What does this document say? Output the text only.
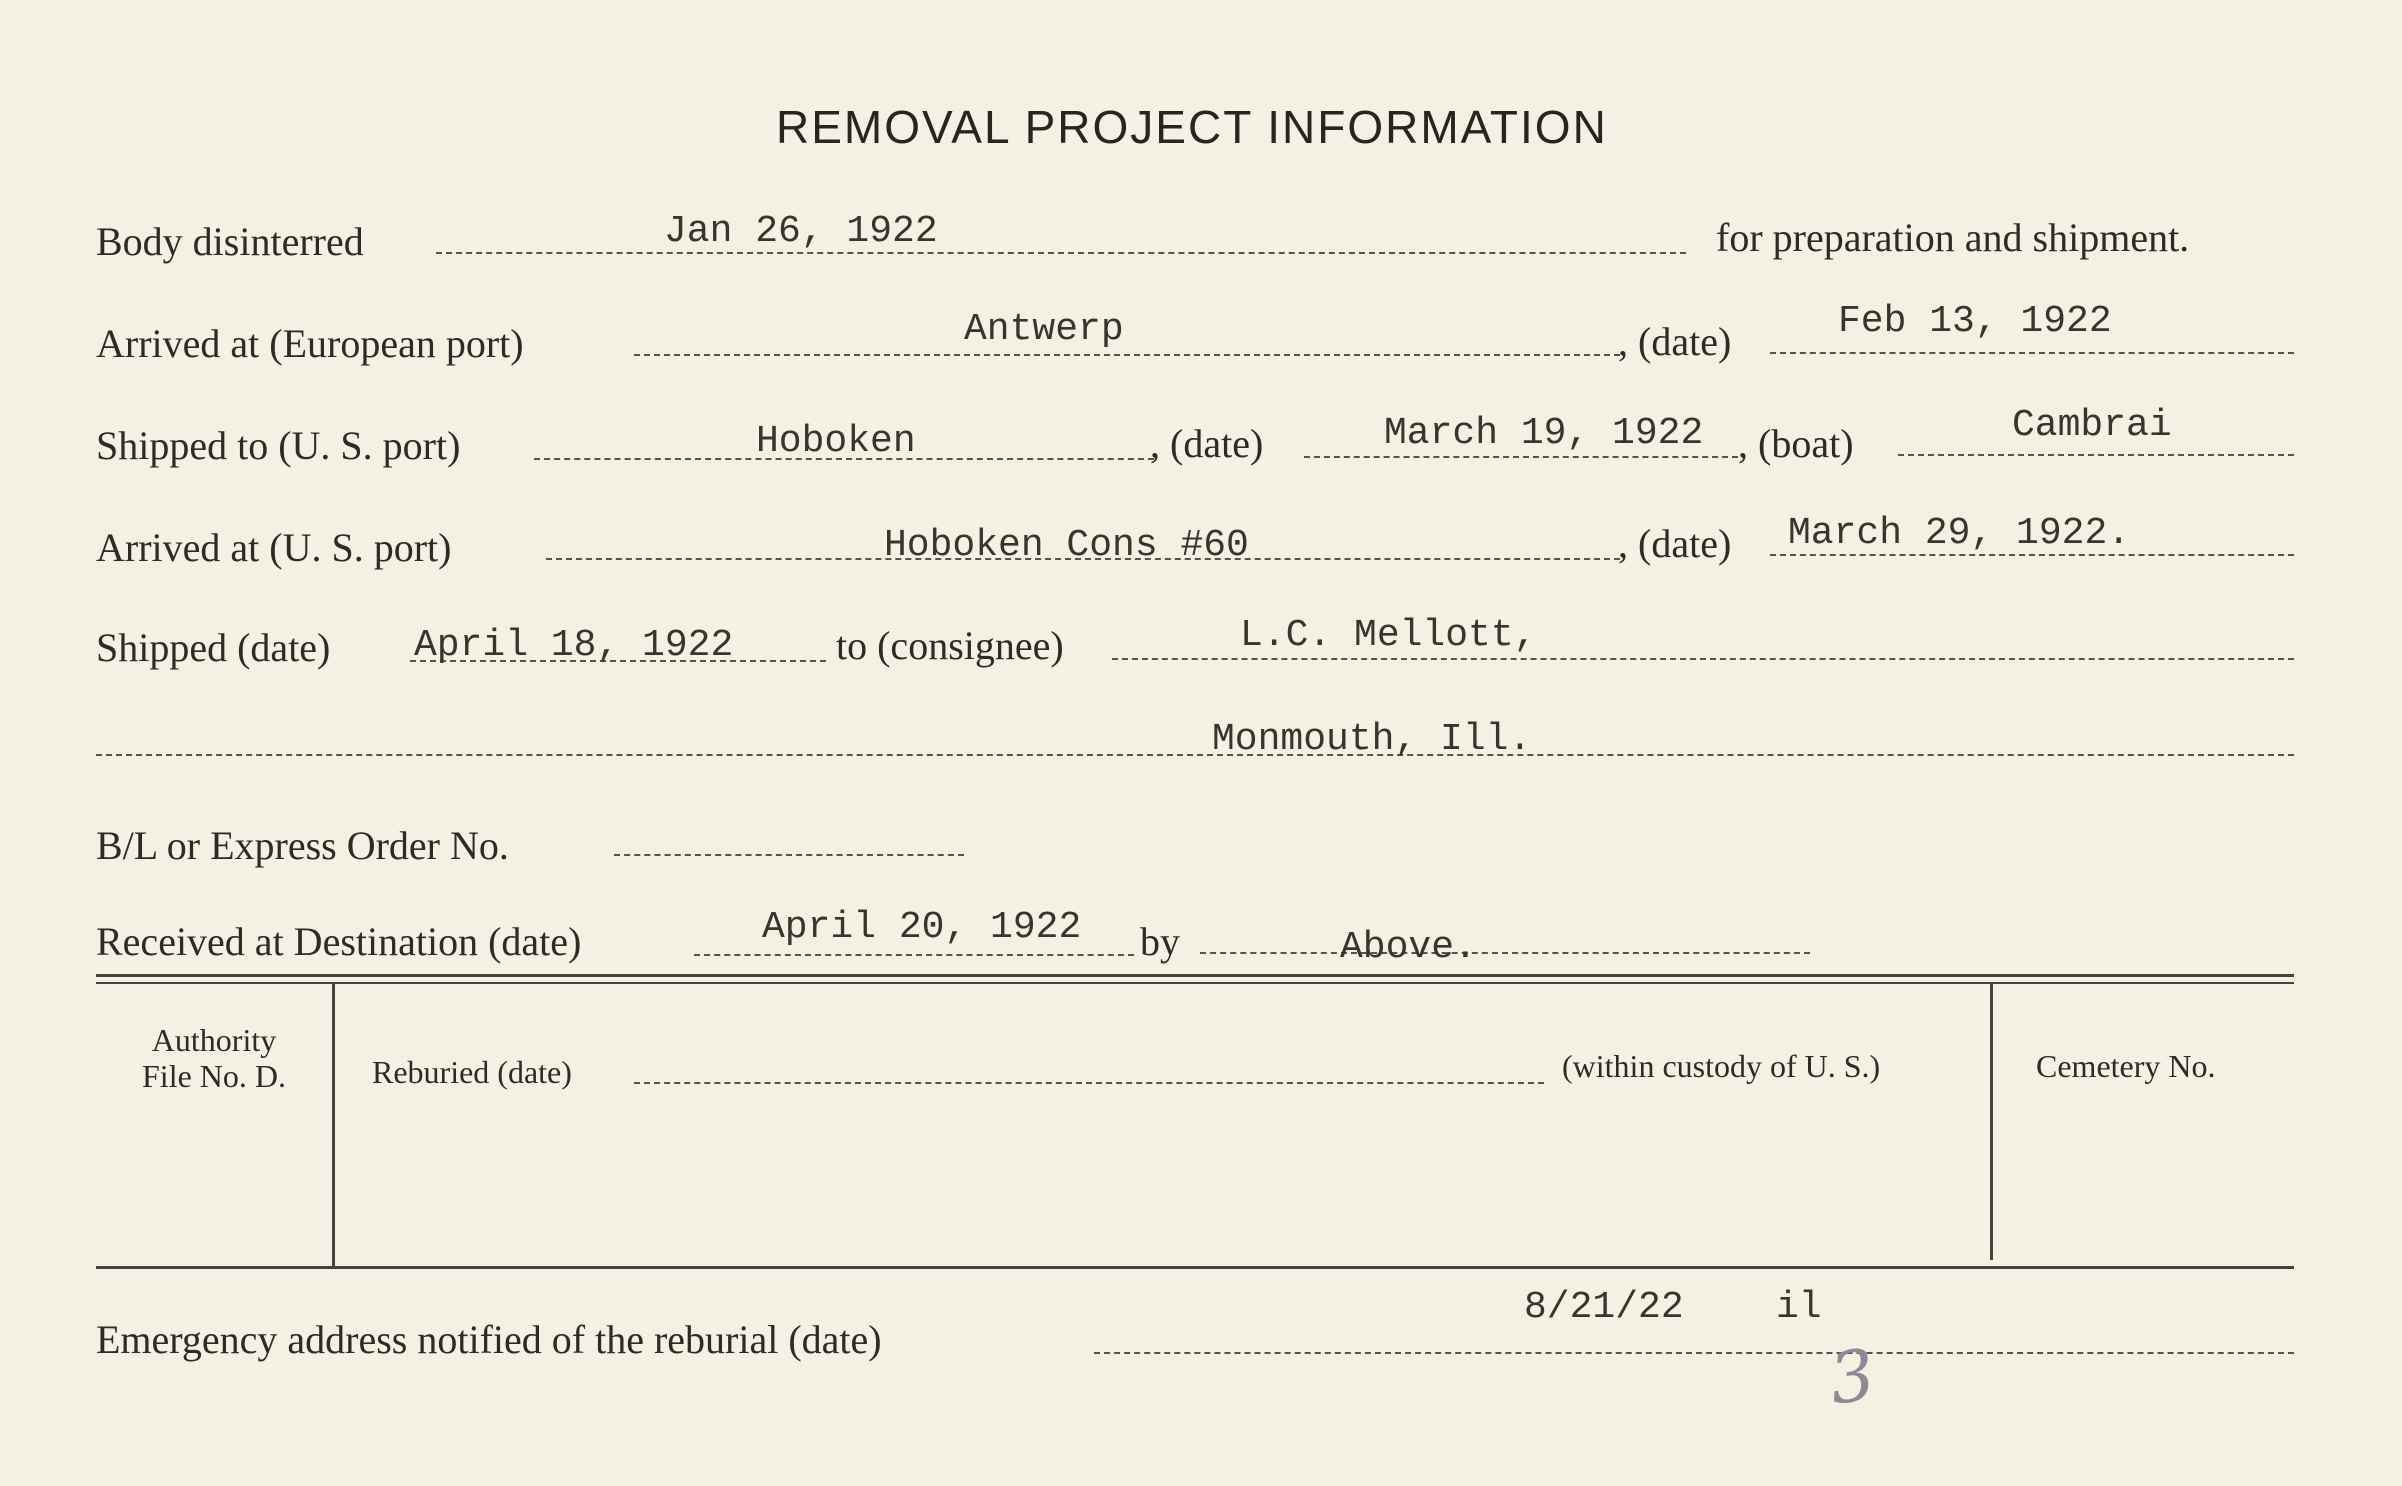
REMOVAL PROJECT INFORMATION
Body disinterred	Jan 26, 1922	for preparation and shipment.
Arrived at (European port)	Antwerp	, (date)	Feb 13, 1922
Shipped to (U. S. port)	Hoboken	, (date)	March 19, 1922 , (boat)	Cambrai
Arrived at (U. S. port)	Hoboken Cons #60	, (date) March 29, 1922.
Shipped (date) April 18, 1922	to (consignee)	L.C. Mellott,
Monmouth, Ill.
B/L or Express Order No.
Received at Destination (date)	April 20, 1922 by	Above.
Authority
File No. D.	Reburied (date)	(within custody of U. S.)	Cemetery No.
Emergency address notified of the reburial (date)
8/21/22 il
3
